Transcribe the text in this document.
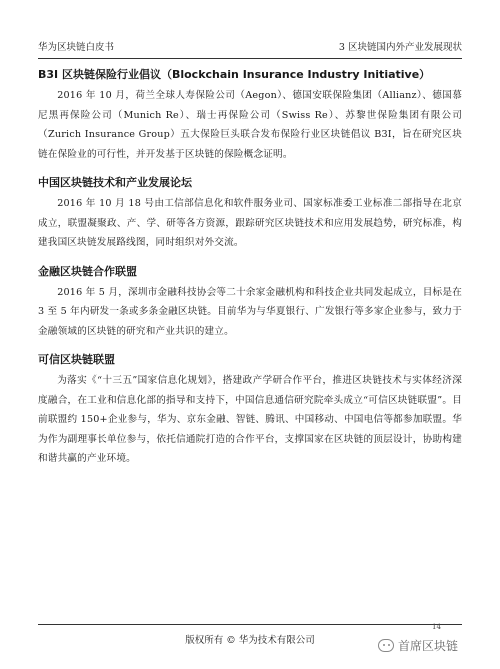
华为区块链白皮书	3 区块链国内外产业发展现状
B3I 区块链保险行业倡议（Blockchain Insurance Industry Initiative）

2016 年 10 月，荷兰全球人寿保险公司（Aegon）、德国安联保险集团（Allianz）、德国慕尼黑再保险公司（Munich Re）、瑞士再保险公司（Swiss Re）、苏黎世保险集团有限公司（Zurich Insurance Group）五大保险巨头联合发布保险行业区块链倡议 B3I，旨在研究区块链在保险业的可行性，并开发基于区块链的保险概念证明。

中国区块链技术和产业发展论坛

2016 年 10 月 18 号由工信部信息化和软件服务业司、国家标准委工业标准二部指导在北京成立，联盟凝聚政、产、学、研等各方资源，跟踪研究区块链技术和应用发展趋势，研究标准，构建我国区块链发展路线图，同时组织对外交流。

金融区块链合作联盟

2016 年 5 月，深圳市金融科技协会等二十余家金融机构和科技企业共同发起成立，目标是在 3 至 5 年内研发一条或多条金融区块链。目前华为与华夏银行、广发银行等多家企业参与，致力于金融领域的区块链的研究和产业共识的建立。

可信区块链联盟

为落实《“十三五”国家信息化规划》，搭建政产学研合作平台，推进区块链技术与实体经济深度融合，在工业和信息化部的指导和支持下，中国信息通信研究院牵头成立“可信区块链联盟”。目前联盟约 150+企业参与，华为、京东金融、智链、腾讯、中国移动、中国电信等都参加联盟。华为作为副理事长单位参与，依托信通院打造的合作平台，支撑国家在区块链的顶层设计，协助构建和谐共赢的产业环境。

14
版权所有 © 华为技术有限公司	首席区块链
